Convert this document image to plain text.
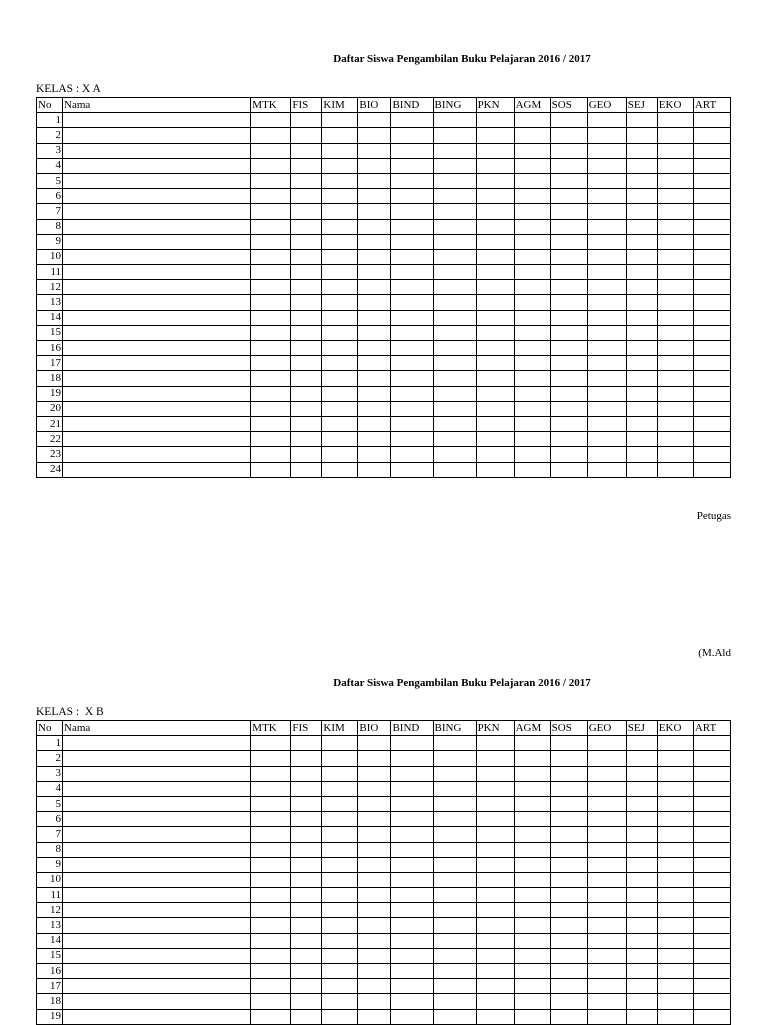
Daftar Siswa Pengambilan Buku Pelajaran 2016 / 2017
KELAS : X A
No	Nama	MTK	FIS	KIM	BIO	BIND	BING	PKN	AGM	SOS	GEO	SEJ	EKO	ART
1														
2														
3														
4														
5														
6														
7														
8														
9														
10														
11														
12														
13														
14														
15														
16														
17														
18														
19														
20														
21														
22														
23														
24														
Petugas
(M.Ald
Daftar Siswa Pengambilan Buku Pelajaran 2016 / 2017
KELAS :  X B
No	Nama	MTK	FIS	KIM	BIO	BIND	BING	PKN	AGM	SOS	GEO	SEJ	EKO	ART
1														
2														
3														
4														
5														
6														
7														
8														
9														
10														
11														
12														
13														
14														
15														
16														
17														
18														
19														
